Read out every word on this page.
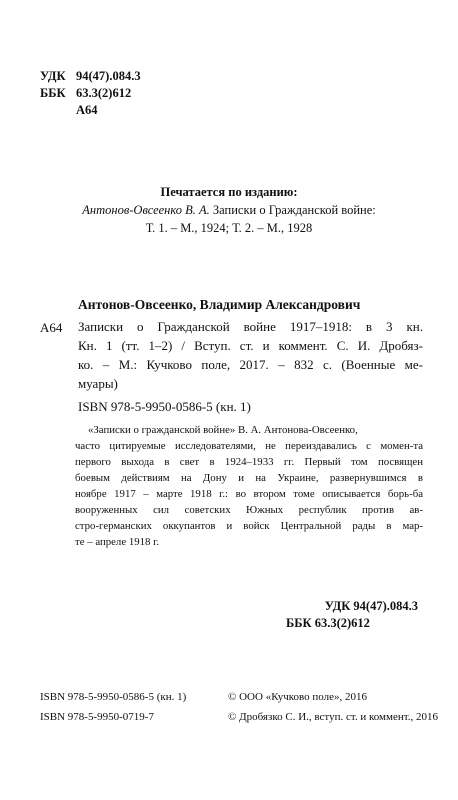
УДК 94(47).084.3
ББК 63.3(2)612
А64
Печатается по изданию:
Антонов-Овсеенко В. А. Записки о Гражданской войне:
Т. 1. – М., 1924; Т. 2. – М., 1928
Антонов-Овсеенко, Владимир Александрович
А64 Записки о Гражданской войне 1917–1918: в 3 кн.
Кн. 1 (тт. 1–2) / Вступ. ст. и коммент. С. И. Дробяз-
ко. – М.: Кучково поле, 2017. – 832 с. (Военные ме-
муары)
ISBN 978-5-9950-0586-5 (кн. 1)
«Записки о гражданской войне» В. А. Антонова-Овсеенко,
часто цитируемые исследователями, не переиздавались с момен-та
первого выхода в свет в 1924–1933 гг. Первый том посвящен
боевым действиям на Дону и на Украине, развернувшимся в
ноябре 1917 – марте 1918 г.: во втором томе описывается борь-ба
вооруженных сил советских Южных республик против ав-
стро-германских оккупантов и войск Центральной рады в мар-
те – апреле 1918 г.
УДК 94(47).084.3
ББК 63.3(2)612
ISBN 978-5-9950-0586-5 (кн. 1)
ISBN 978-5-9950-0719-7
© ООО «Кучково поле», 2016
© Дробязко С. И., вступ. ст. и коммент., 2016
